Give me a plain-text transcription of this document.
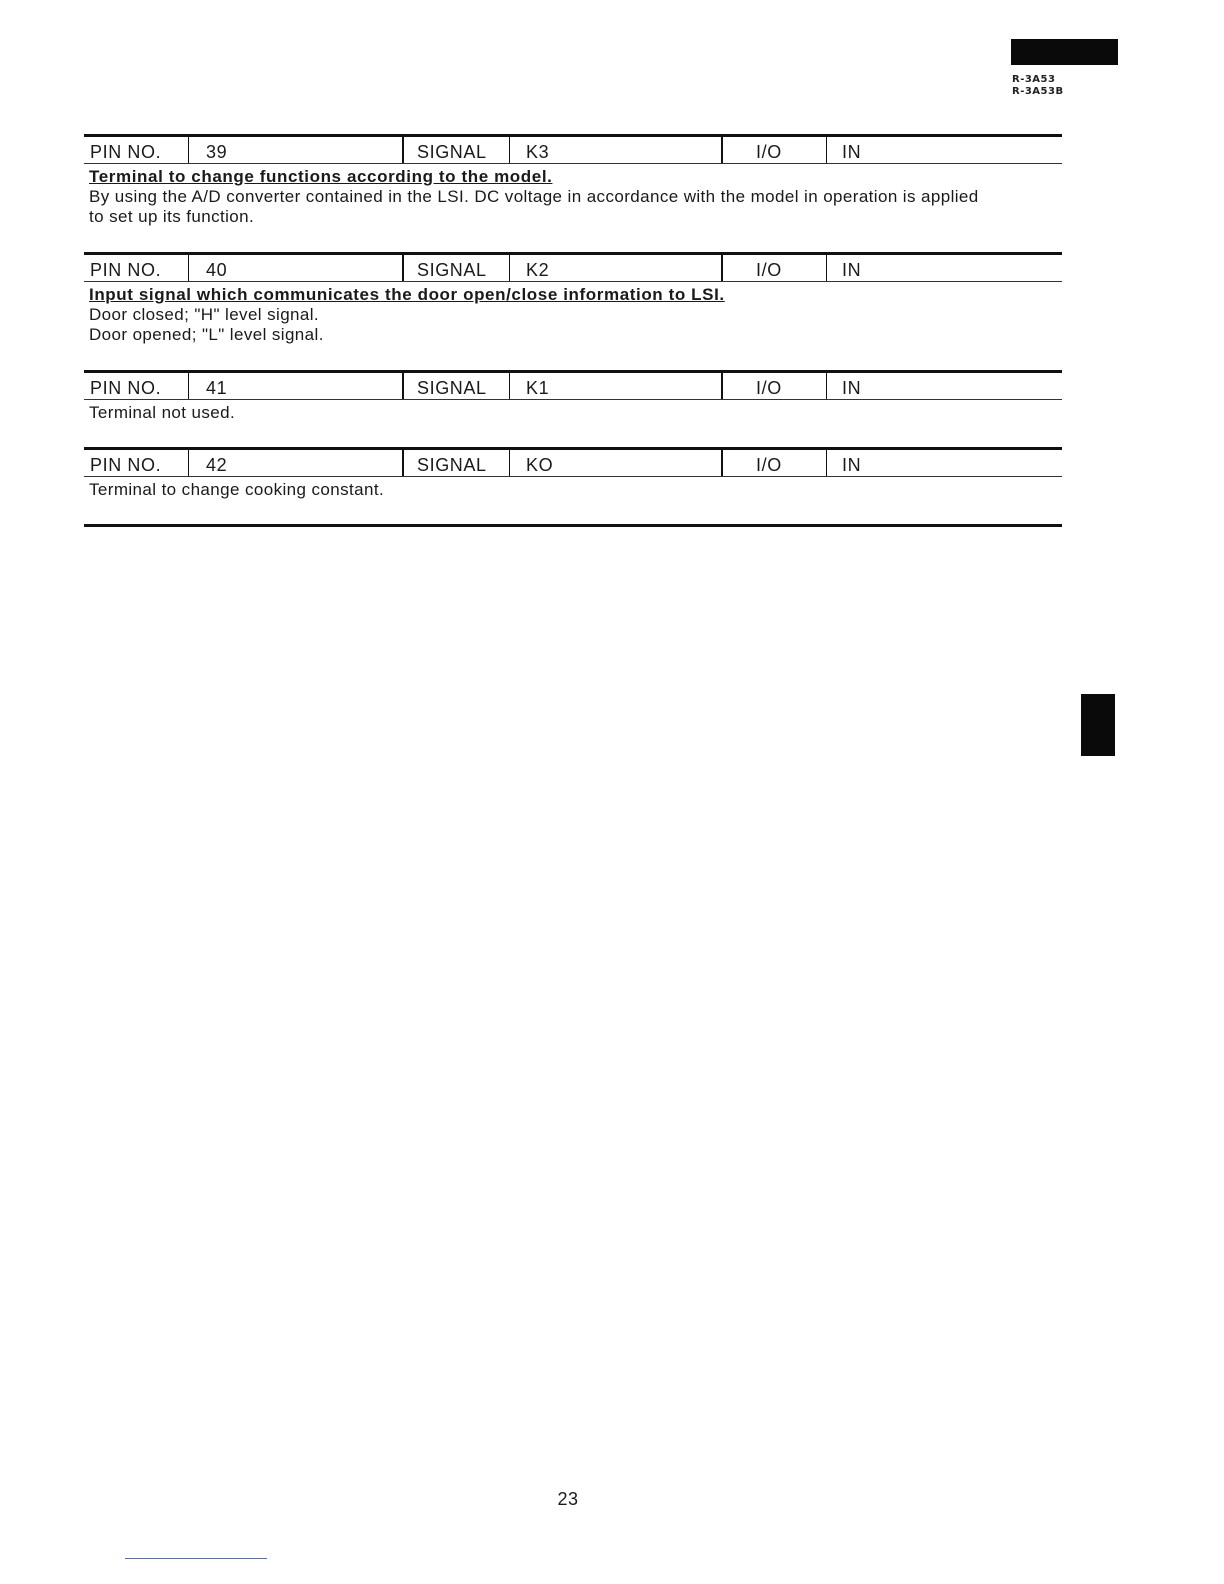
R-3A53
R-3A53B
PIN NO. 39	SIGNAL K3	I/O	IN
Terminal to change functions according to the model.
By using the A/D converter contained in the LSI. DC voltage in accordance with the model in operation is applied
to set up its function.
PIN NO. 40	SIGNAL K2	I/O	IN
Input signal which communicates the door open/close information to LSI.
Door closed; "H" level signal.
Door opened; "L" level signal.
PIN NO. 41	SIGNAL K1	I/O	IN
Terminal not used.
PIN NO. 42	SIGNAL KO	I/O	IN
Terminal to change cooking constant.
23
